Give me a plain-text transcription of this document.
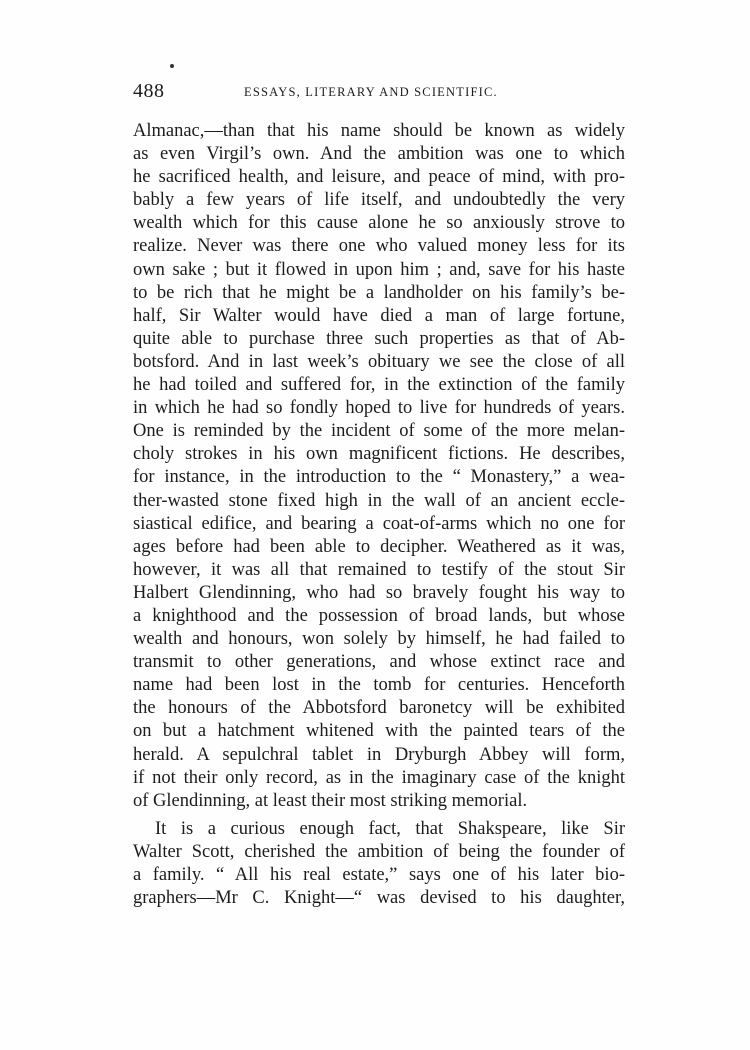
488	ESSAYS, LITERARY AND SCIENTIFIC.
Almanac,—than that his name should be known as widely
as even Virgil’s own. And the ambition was one to which
he sacrificed health, and leisure, and peace of mind, with pro-
bably a few years of life itself, and undoubtedly the very
wealth which for this cause alone he so anxiously strove to
realize. Never was there one who valued money less for its
own sake ; but it flowed in upon him ; and, save for his haste
to be rich that he might be a landholder on his family’s be-
half, Sir Walter would have died a man of large fortune,
quite able to purchase three such properties as that of Ab-
botsford. And in last week’s obituary we see the close of all
he had toiled and suffered for, in the extinction of the family
in which he had so fondly hoped to live for hundreds of years.
One is reminded by the incident of some of the more melan-
choly strokes in his own magnificent fictions. He describes,
for instance, in the introduction to the “ Monastery,” a wea-
ther-wasted stone fixed high in the wall of an ancient eccle-
siastical edifice, and bearing a coat-of-arms which no one for
ages before had been able to decipher. Weathered as it was,
however, it was all that remained to testify of the stout Sir
Halbert Glendinning, who had so bravely fought his way to
a knighthood and the possession of broad lands, but whose
wealth and honours, won solely by himself, he had failed to
transmit to other generations, and whose extinct race and
name had been lost in the tomb for centuries. Henceforth
the honours of the Abbotsford baronetcy will be exhibited
on but a hatchment whitened with the painted tears of the
herald. A sepulchral tablet in Dryburgh Abbey will form,
if not their only record, as in the imaginary case of the knight
of Glendinning, at least their most striking memorial.
It is a curious enough fact, that Shakspeare, like Sir
Walter Scott, cherished the ambition of being the founder of
a family. “ All his real estate,” says one of his later bio-
graphers—Mr C. Knight—“ was devised to his daughter,
